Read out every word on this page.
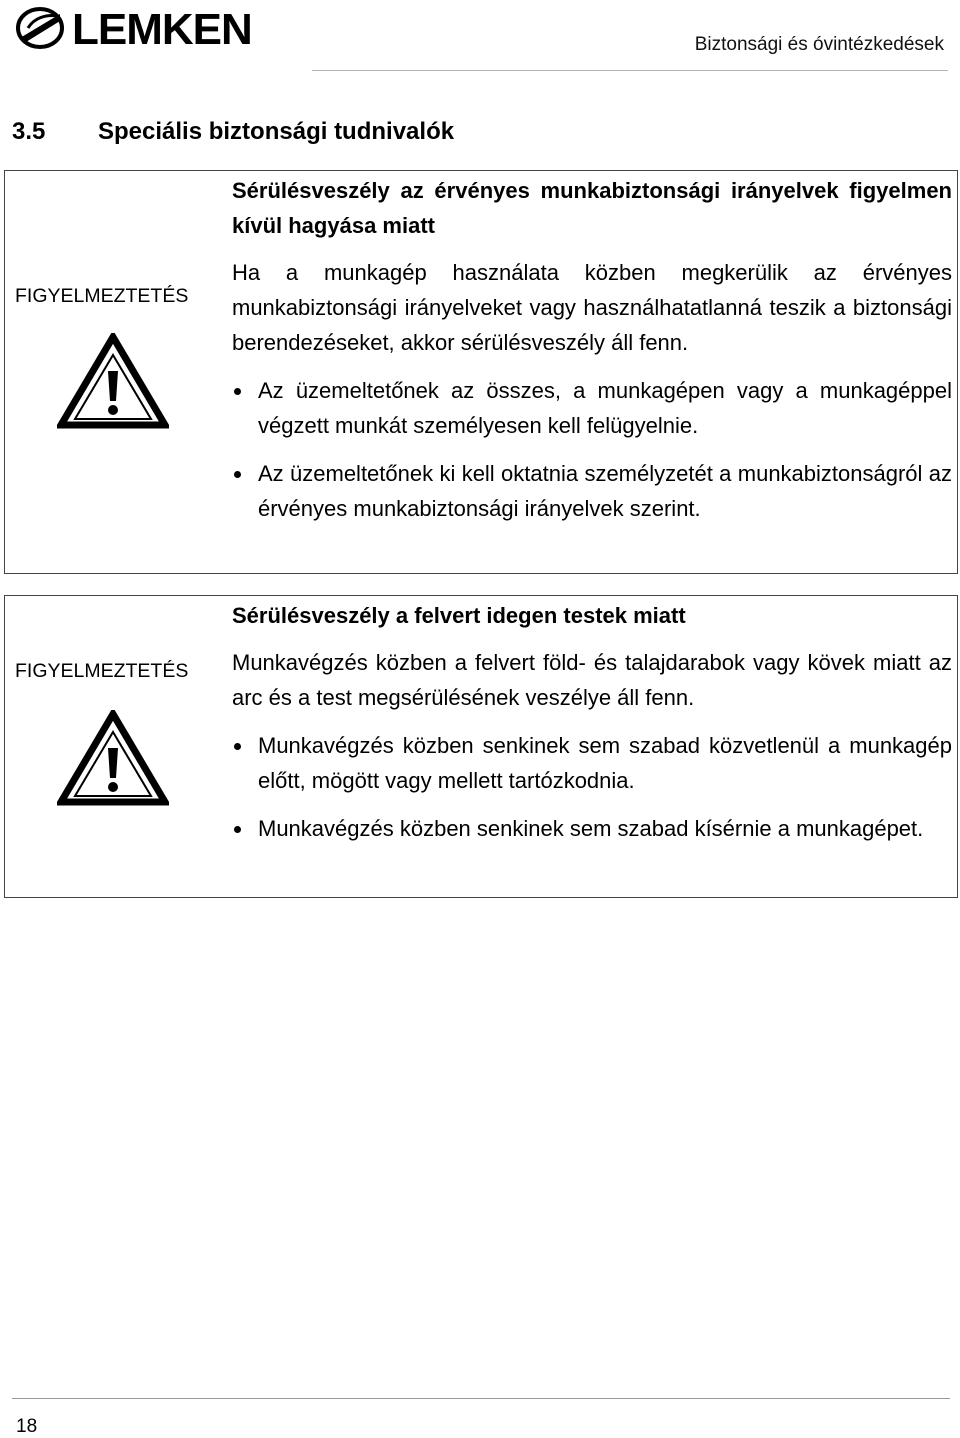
LEMKEN	Biztonsági és óvintézkedések
3.5 Speciális biztonsági tudnivalók
FIGYELMEZTETÉS

Sérülésveszély az érvényes munkabiztonsági irányelvek figyelmen kívül hagyása miatt

Ha a munkagép használata közben megkerülik az érvényes munkabiztonsági irányelveket vagy használhatatlanná teszik a biztonsági berendezéseket, akkor sérülésveszély áll fenn.

Az üzemeltetőnek az összes, a munkagépen vagy a munkagéppel végzett munkát személyesen kell felügyelnie.
Az üzemeltetőnek ki kell oktatnia személyzetét a munkabiztonságról az érvényes munkabiztonsági irányelvek szerint.
FIGYELMEZTETÉS

Sérülésveszély a felvert idegen testek miatt

Munkavégzés közben a felvert föld- és talajdarabok vagy kövek miatt az arc és a test megsérülésének veszélye áll fenn.

Munkavégzés közben senkinek sem szabad közvetlenül a munkagép előtt, mögött vagy mellett tartózkodnia.
Munkavégzés közben senkinek sem szabad kísérnie a munkagépet.
18
